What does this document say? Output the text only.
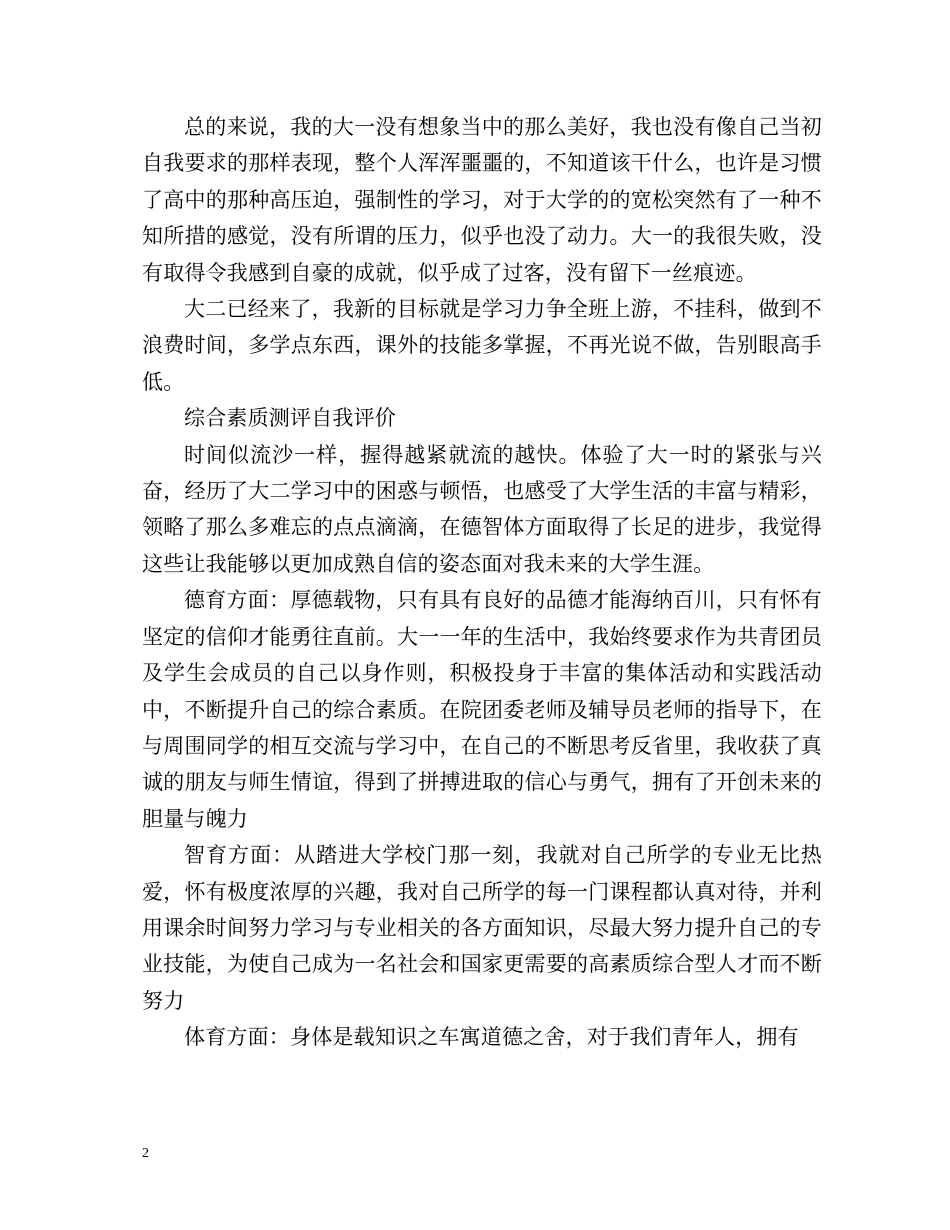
总的来说，我的大一没有想象当中的那么美好，我也没有像自己当初自我要求的那样表现，整个人浑浑噩噩的，不知道该干什么，也许是习惯了高中的那种高压迫，强制性的学习，对于大学的的宽松突然有了一种不知所措的感觉，没有所谓的压力，似乎也没了动力。大一的我很失败，没有取得令我感到自豪的成就，似乎成了过客，没有留下一丝痕迹。

大二已经来了，我新的目标就是学习力争全班上游，不挂科，做到不浪费时间，多学点东西，课外的技能多掌握，不再光说不做，告别眼高手低。

综合素质测评自我评价

时间似流沙一样，握得越紧就流的越快。体验了大一时的紧张与兴奋，经历了大二学习中的困惑与顿悟，也感受了大学生活的丰富与精彩，领略了那么多难忘的点点滴滴，在德智体方面取得了长足的进步，我觉得这些让我能够以更加成熟自信的姿态面对我未来的大学生涯。

德育方面：厚德载物，只有具有良好的品德才能海纳百川，只有怀有坚定的信仰才能勇往直前。大一一年的生活中，我始终要求作为共青团员及学生会成员的自己以身作则，积极投身于丰富的集体活动和实践活动中，不断提升自己的综合素质。在院团委老师及辅导员老师的指导下，在与周围同学的相互交流与学习中，在自己的不断思考反省里，我收获了真诚的朋友与师生情谊，得到了拼搏进取的信心与勇气，拥有了开创未来的胆量与魄力

智育方面：从踏进大学校门那一刻，我就对自己所学的专业无比热爱，怀有极度浓厚的兴趣，我对自己所学的每一门课程都认真对待，并利用课余时间努力学习与专业相关的各方面知识，尽最大努力提升自己的专业技能，为使自己成为一名社会和国家更需要的高素质综合型人才而不断努力

体育方面：身体是载知识之车寓道德之舍，对于我们青年人，拥有

2
